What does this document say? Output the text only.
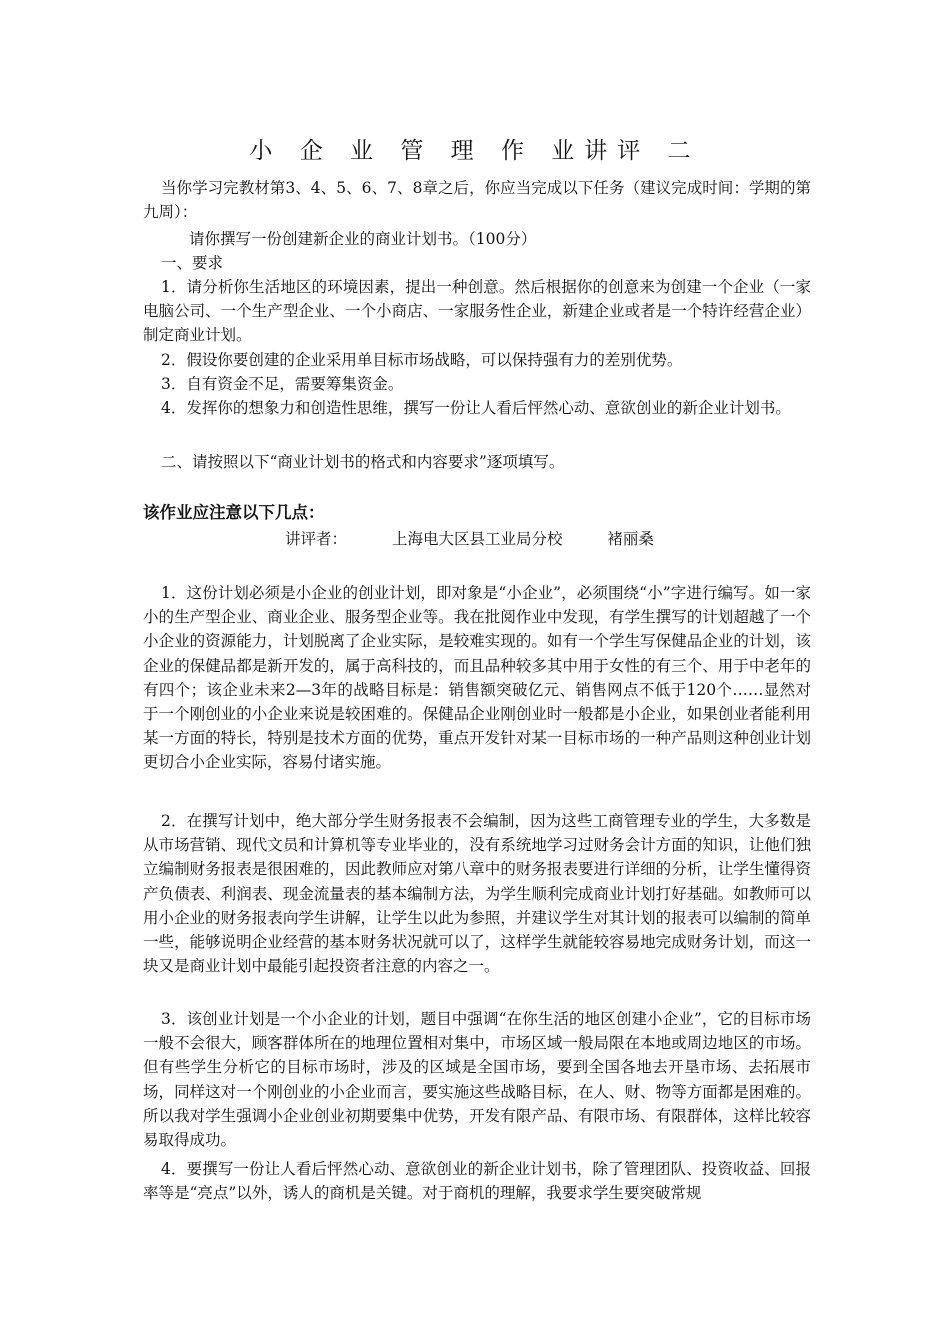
小 企 业 管 理 作 业讲评 二

当你学习完教材第3、4、5、6、7、8章之后，你应当完成以下任务（建议完成时间：学期的第九周）：

请你撰写一份创建新企业的商业计划书。（100分）

一、要求

1．请分析你生活地区的环境因素，提出一种创意。然后根据你的创意来为创建一个企业（一家电脑公司、一个生产型企业、一个小商店、一家服务性企业，新建企业或者是一个特许经营企业）制定商业计划。

2．假设你要创建的企业采用单目标市场战略，可以保持强有力的差别优势。

3．自有资金不足，需要筹集资金。

4．发挥你的想象力和创造性思维，撰写一份让人看后怦然心动、意欲创业的新企业计划书。

二、请按照以下“商业计划书的格式和内容要求”逐项填写。

该作业应注意以下几点：
讲评者：	上海电大区县工业局分校	褚丽桑

1．这份计划必须是小企业的创业计划，即对象是“小企业”，必须围绕“小”字进行编写。如一家小的生产型企业、商业企业、服务型企业等。我在批阅作业中发现，有学生撰写的计划超越了一个小企业的资源能力，计划脱离了企业实际，是较难实现的。如有一个学生写保健品企业的计划，该企业的保健品都是新开发的，属于高科技的，而且品种较多其中用于女性的有三个、用于中老年的有四个；该企业未来2—3年的战略目标是：销售额突破亿元、销售网点不低于120个……显然对于一个刚创业的小企业来说是较困难的。保健品企业刚创业时一般都是小企业，如果创业者能利用某一方面的特长，特别是技术方面的优势，重点开发针对某一目标市场的一种产品则这种创业计划更切合小企业实际，容易付诸实施。

2．在撰写计划中，绝大部分学生财务报表不会编制，因为这些工商管理专业的学生，大多数是从市场营销、现代文员和计算机等专业毕业的，没有系统地学习过财务会计方面的知识，让他们独立编制财务报表是很困难的，因此教师应对第八章中的财务报表要进行详细的分析，让学生懂得资产负债表、利润表、现金流量表的基本编制方法，为学生顺利完成商业计划打好基础。如教师可以用小企业的财务报表向学生讲解，让学生以此为参照，并建议学生对其计划的报表可以编制的简单一些，能够说明企业经营的基本财务状况就可以了，这样学生就能较容易地完成财务计划，而这一块又是商业计划中最能引起投资者注意的内容之一。

3．该创业计划是一个小企业的计划，题目中强调“在你生活的地区创建小企业”，它的目标市场一般不会很大，顾客群体所在的地理位置相对集中，市场区域一般局限在本地或周边地区的市场。但有些学生分析它的目标市场时，涉及的区域是全国市场，要到全国各地去开垦市场、去拓展市场，同样这对一个刚创业的小企业而言，要实施这些战略目标，在人、财、物等方面都是困难的。所以我对学生强调小企业创业初期要集中优势，开发有限产品、有限市场、有限群体，这样比较容易取得成功。

4．要撰写一份让人看后怦然心动、意欲创业的新企业计划书，除了管理团队、投资收益、回报率等是“亮点”以外，诱人的商机是关键。对于商机的理解，我要求学生要突破常规
